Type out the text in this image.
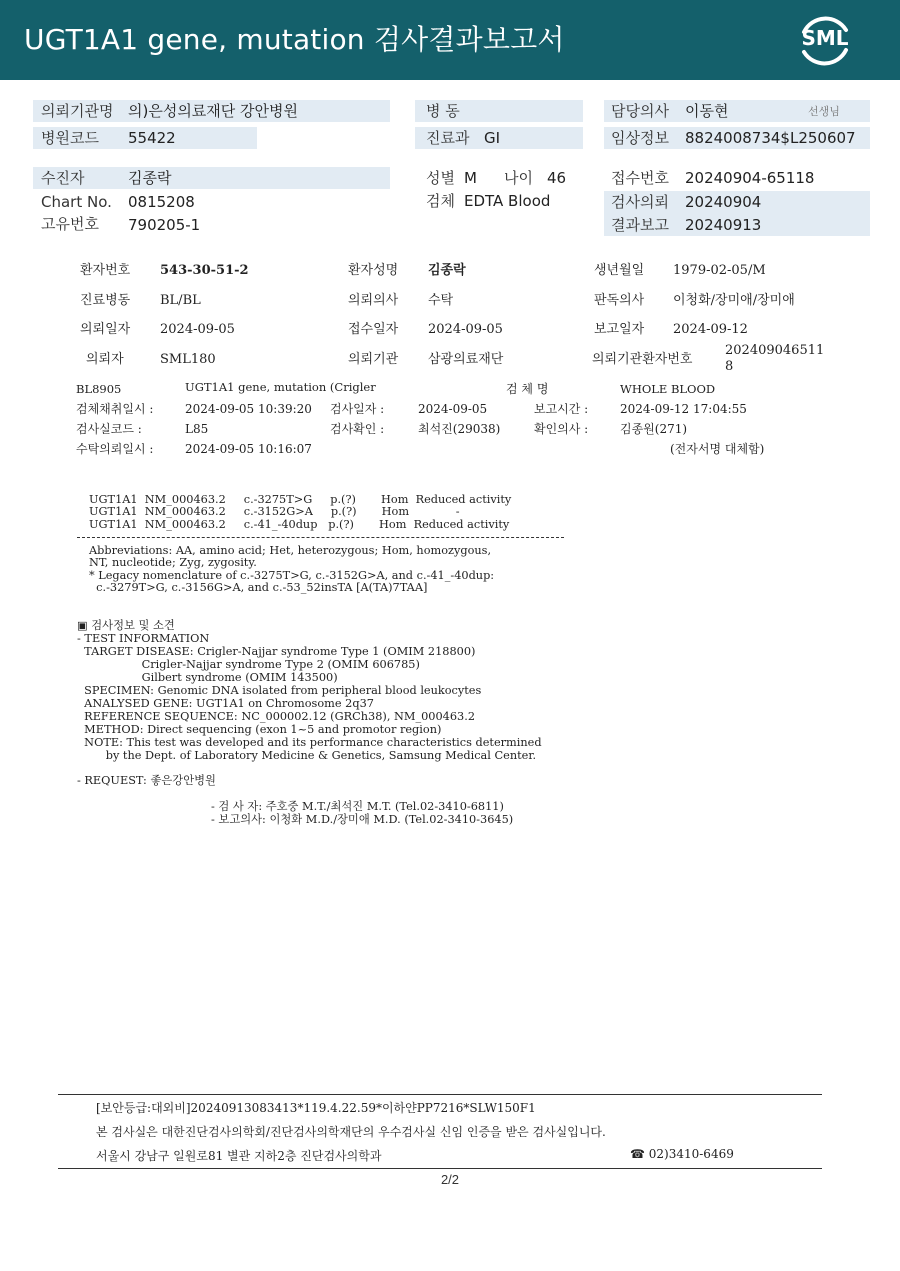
UGT1A1 gene, mutation 검사결과보고서	SML
의뢰기관명 의)은성의료재단 강안병원	병 동	담당의사 이동현	선생님
병원코드 55422	진료과 GI	임상정보 8824008734$L250607
수진자	김종락	성별 M 나이 46	접수번호 20240904-65118
Chart No. 0815208	검체 EDTA Blood	검사의뢰 20240904
고유번호 790205-1	결과보고 20240913
환자번호 543-30-51-2	환자성명 김종락	생년월일 1979-02-05/M
진료병동 BL/BL	의뢰의사 수탁	판독의사 이청화/장미애/장미애
의뢰일자 2024-09-05	접수일자 2024-09-05	보고일자 2024-09-12
의뢰자	SML180	의뢰기관 삼광의료재단	의뢰기관환자번호
202409046511
8
BL8905	UGT1A1 gene, mutation (Crigler	검 체 명	WHOLE BLOOD
검체채취일시 :	2024-09-05 10:39:20 검사일자 :	2024-09-05	보고시간 :	2024-09-12 17:04:55
검사실코드 :	L85	검사확인 :	최석진(29038)	확인의사 :	김종원(271)
수탁의뢰일시 :	2024-09-05 10:16:07	(전자서명 대체함)
UGT1A1  NM_000463.2     c.-3275T>G     p.(?)       Hom  Reduced activity
UGT1A1  NM_000463.2     c.-3152G>A     p.(?)       Hom             -
UGT1A1  NM_000463.2     c.-41_-40dup   p.(?)       Hom  Reduced activity
Abbreviations: AA, amino acid; Het, heterozygous; Hom, homozygous,
NT, nucleotide; Zyg, zygosity.
* Legacy nomenclature of c.-3275T>G, c.-3152G>A, and c.-41_-40dup:
c.-3279T>G, c.-3156G>A, and c.-53_52insTA [A(TA)7TAA]
▣ 검사정보 및 소견
- TEST INFORMATION
TARGET DISEASE: Crigler-Najjar syndrome Type 1 (OMIM 218800)
Crigler-Najjar syndrome Type 2 (OMIM 606785)
Gilbert syndrome (OMIM 143500)
SPECIMEN: Genomic DNA isolated from peripheral blood leukocytes
ANALYSED GENE: UGT1A1 on Chromosome 2q37
REFERENCE SEQUENCE: NC_000002.12 (GRCh38), NM_000463.2
METHOD: Direct sequencing (exon 1~5 and promotor region)
NOTE: This test was developed and its performance characteristics determined
by the Dept. of Laboratory Medicine & Genetics, Samsung Medical Center.
- REQUEST: 좋은강안병원
- 검 사 자: 주호중 M.T./최석진 M.T. (Tel.02-3410-6811)
- 보고의사: 이청화 M.D./장미애 M.D. (Tel.02-3410-3645)
[보안등급:대외비]20240913083413*119.4.22.59*이하얀PP7216*SLW150F1
본 검사실은 대한진단검사의학회/진단검사의학재단의 우수검사실 신임 인증을 받은 검사실입니다.
서울시 강남구 일원로81 별관 지하2층 진단검사의학과	☎ 02)3410-6469
2/2
